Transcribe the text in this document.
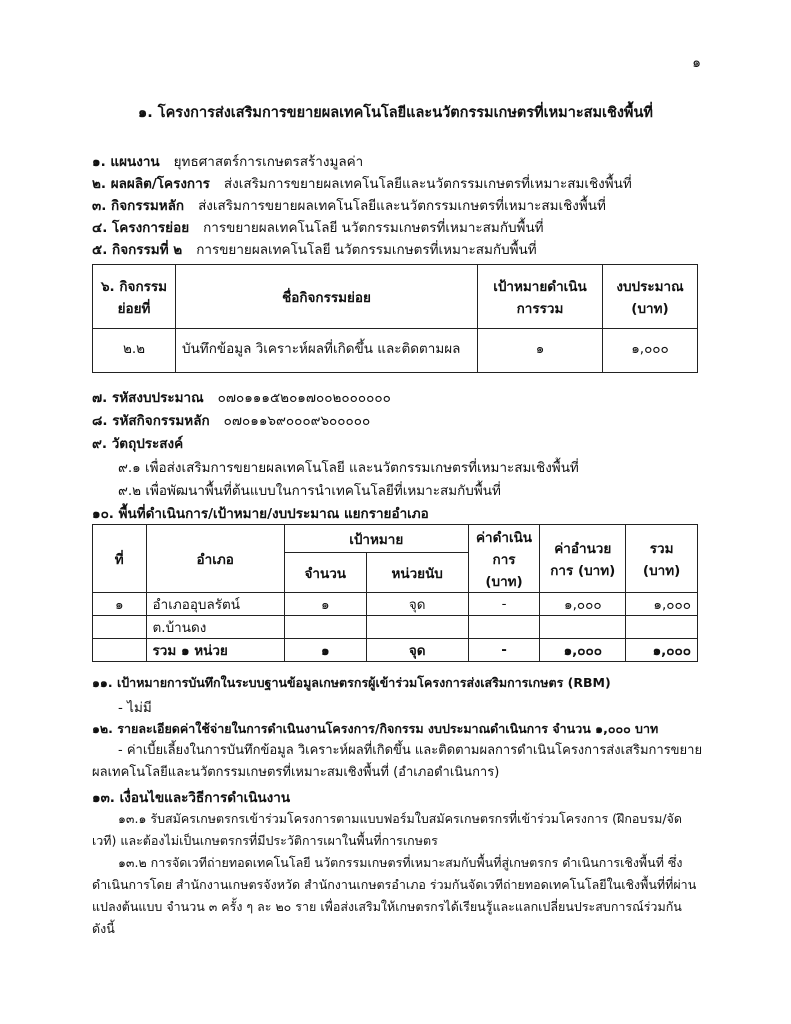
๑
๑. โครงการส่งเสริมการขยายผลเทคโนโลยีและนวัตกรรมเกษตรที่เหมาะสมเชิงพื้นที่
๑. แผนงาน ยุทธศาสตร์การเกษตรสร้างมูลค่า
๒. ผลผลิต/โครงการ ส่งเสริมการขยายผลเทคโนโลยีและนวัตกรรมเกษตรที่เหมาะสมเชิงพื้นที่
๓. กิจกรรมหลัก ส่งเสริมการขยายผลเทคโนโลยีและนวัตกรรมเกษตรที่เหมาะสมเชิงพื้นที่
๔. โครงการย่อย การขยายผลเทคโนโลยี นวัตกรรมเกษตรที่เหมาะสมกับพื้นที่
๕. กิจกรรมที่ ๒ การขยายผลเทคโนโลยี นวัตกรรมเกษตรที่เหมาะสมกับพื้นที่
๖. กิจกรรมย่อยที่	ชื่อกิจกรรมย่อย	เป้าหมายดำเนินการรวม	งบประมาณ (บาท)
๒.๒	บันทึกข้อมูล วิเคราะห์ผลที่เกิดขึ้น และติดตามผล	๑	๑,๐๐๐
๗. รหัสงบประมาณ ๐๗๐๑๑๑๕๒๐๑๗๐๐๒๐๐๐๐๐๐
๘. รหัสกิจกรรมหลัก ๐๗๐๑๑๖๙๐๐๐๙๖๐๐๐๐๐
๙. วัตถุประสงค์
๙.๑ เพื่อส่งเสริมการขยายผลเทคโนโลยี และนวัตกรรมเกษตรที่เหมาะสมเชิงพื้นที่
๙.๒ เพื่อพัฒนาพื้นที่ต้นแบบในการนำเทคโนโลยีที่เหมาะสมกับพื้นที่
๑๐. พื้นที่ดำเนินการ/เป้าหมาย/งบประมาณ แยกรายอำเภอ
ที่	อำเภอ	เป้าหมาย		ค่าดำเนินการ (บาท)	ค่าอำนวยการ (บาท)	รวม (บาท)
		จำนวน	หน่วยนับ			
๑	อำเภออุบลรัตน์	๑	จุด	-	๑,๐๐๐	๑,๐๐๐
	ต.บ้านดง					
	รวม ๑ หน่วย	๑	จุด	-	๑,๐๐๐	๑,๐๐๐
๑๑. เป้าหมายการบันทึกในระบบฐานข้อมูลเกษตรกรผู้เข้าร่วมโครงการส่งเสริมการเกษตร (RBM)
- ไม่มี
๑๒. รายละเอียดค่าใช้จ่ายในการดำเนินงานโครงการ/กิจกรรม งบประมาณดำเนินการ จำนวน ๑,๐๐๐ บาท
- ค่าเบี้ยเลี้ยงในการบันทึกข้อมูล วิเคราะห์ผลที่เกิดขึ้น และติดตามผลการดำเนินโครงการส่งเสริมการขยายผลเทคโนโลยีและนวัตกรรมเกษตรที่เหมาะสมเชิงพื้นที่ (อำเภอดำเนินการ)
๑๓. เงื่อนไขและวิธีการดำเนินงาน
๑๓.๑ รับสมัครเกษตรกรเข้าร่วมโครงการตามแบบฟอร์มใบสมัครเกษตรกรที่เข้าร่วมโครงการ (ฝึกอบรม/จัดเวที) และต้องไม่เป็นเกษตรกรที่มีประวัติการเผาในพื้นที่การเกษตร
๑๓.๒ การจัดเวทีถ่ายทอดเทคโนโลยี นวัตกรรมเกษตรที่เหมาะสมกับพื้นที่สู่เกษตรกร ดำเนินการเชิงพื้นที่ ซึ่งดำเนินการโดย สำนักงานเกษตรจังหวัด สำนักงานเกษตรอำเภอ ร่วมกันจัดเวทีถ่ายทอดเทคโนโลยีในเชิงพื้นที่ที่ผ่านแปลงต้นแบบ จำนวน ๓ ครั้ง ๆ ละ ๒๐ ราย เพื่อส่งเสริมให้เกษตรกรได้เรียนรู้และแลกเปลี่ยนประสบการณ์ร่วมกัน ดังนี้
